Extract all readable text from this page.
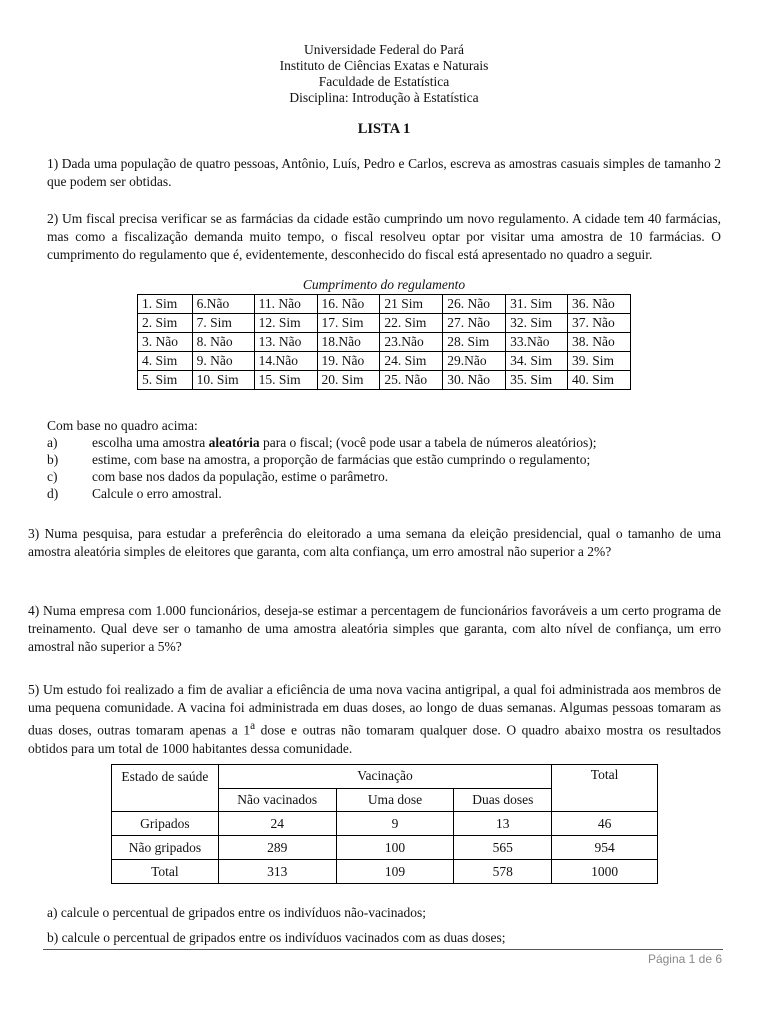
Universidade Federal do Pará
Instituto de Ciências Exatas e Naturais
Faculdade de Estatística
Disciplina: Introdução à Estatística
LISTA 1

1) Dada uma população de quatro pessoas, Antônio, Luís, Pedro e Carlos, escreva as amostras casuais simples de tamanho 2 que podem ser obtidas.

2) Um fiscal precisa verificar se as farmácias da cidade estão cumprindo um novo regulamento. A cidade tem 40 farmácias, mas como a fiscalização demanda muito tempo, o fiscal resolveu optar por visitar uma amostra de 10 farmácias. O cumprimento do regulamento que é, evidentemente, desconhecido do fiscal está apresentado no quadro a seguir.

Cumprimento do regulamento
1. Sim	6.Não	11. Não	16. Não	21 Sim	26. Não	31. Sim	36. Não
2. Sim	7. Sim	12. Sim	17. Sim	22. Sim	27. Não	32. Sim	37. Não
3. Não	8. Não	13. Não	18.Não	23.Não	28. Sim	33.Não	38. Não
4. Sim	9. Não	14.Não	19. Não	24. Sim	29.Não	34. Sim	39. Sim
5. Sim	10. Sim	15. Sim	20. Sim	25. Não	30. Não	35. Sim	40. Sim
Com base no quadro acima:
a)	escolha uma amostra aleatória para o fiscal; (você pode usar a tabela de números aleatórios);
b)	estime, com base na amostra, a proporção de farmácias que estão cumprindo o regulamento;
c)	com base nos dados da população, estime o parâmetro.
d)	Calcule o erro amostral.

3) Numa pesquisa, para estudar a preferência do eleitorado a uma semana da eleição presidencial, qual o tamanho de uma amostra aleatória simples de eleitores que garanta, com alta confiança, um erro amostral não superior a 2%?

4) Numa empresa com 1.000 funcionários, deseja-se estimar a percentagem de funcionários favoráveis a um certo programa de treinamento. Qual deve ser o tamanho de uma amostra aleatória simples que garanta, com alto nível de confiança, um erro amostral não superior a 5%?

5) Um estudo foi realizado a fim de avaliar a eficiência de uma nova vacina antigripal, a qual foi administrada aos membros de uma pequena comunidade. A vacina foi administrada em duas doses, ao longo de duas semanas. Algumas pessoas tomaram as duas doses, outras tomaram apenas a 1$^a$ dose e outras não tomaram qualquer dose. O quadro abaixo mostra os resultados obtidos para um total de 1000 habitantes dessa comunidade.

Estado de saúde	Vacinação			Total
	Não vacinados	Uma dose	Duas doses	
Gripados	24	9	13	46
Não gripados	289	100	565	954
Total	313	109	578	1000
a) calcule o percentual de gripados entre os indivíduos não-vacinados;
b) calcule o percentual de gripados entre os indivíduos vacinados com as duas doses;
Página 1 de 6
